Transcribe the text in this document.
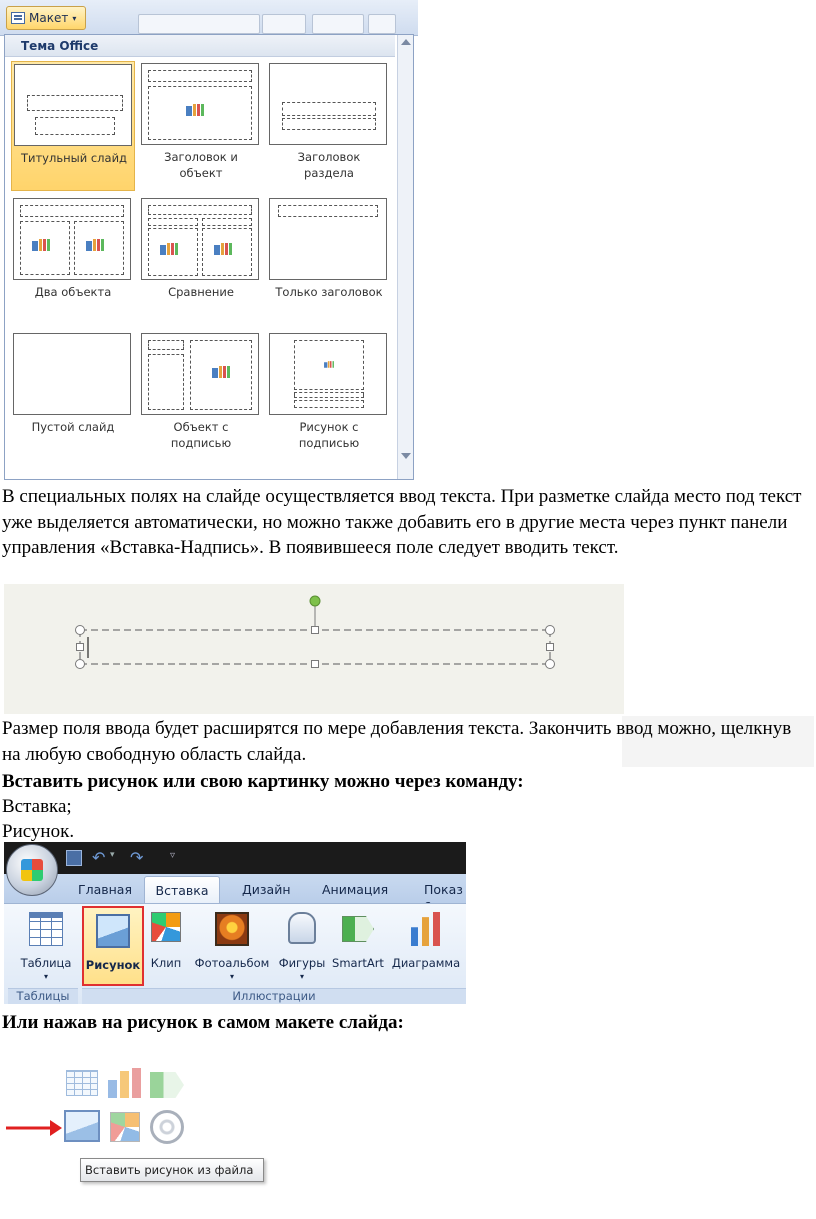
Макет ▾
Тема Office
Титульный слайд	Заголовок и
объект
Заголовок
раздела
Два объекта	Сравнение	Только заголовок
Пустой слайд	Объект с
подписью
Рисунок с
подписью
В специальных полях на слайде осуществляется ввод текста. При разметке слайда место под текст уже выделяется автоматически, но можно также добавить его в другие места через пункт панели управления «Вставка-Надпись». В появившееся поле следует вводить текст.
Размер поля ввода будет расширятся по мере добавления текста. Закончить ввод можно, щелкнув на любую свободную область слайда.
Вставить рисунок или свою картинку можно через команду:
Вставка;
Рисунок.
↶ ▾ ↷	▿
Главная	Вставка	Дизайн	Анимация	Показ
Таблица
▾
Рисунок Клип	Фотоальбом
▾
Фигуры
▾
SmartArt Диаграмма
Таблицы	Иллюстрации
Или нажав на рисунок в самом макете слайда:
Вставить рисунок из файла
